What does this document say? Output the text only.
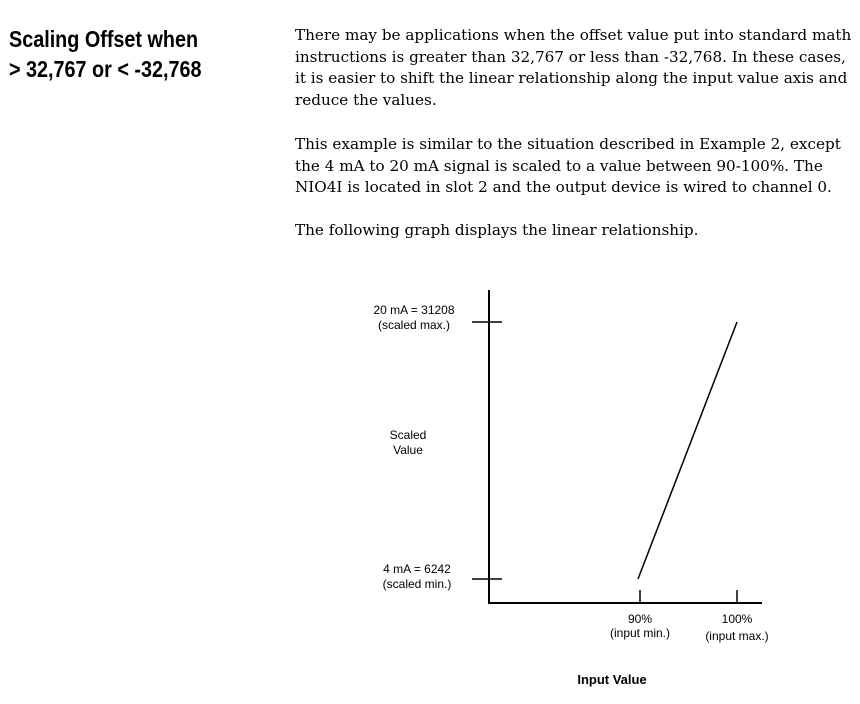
Scaling Offset when
> 32,767 or < -32,768

There may be applications when the offset value put into standard math instructions is greater than 32,767 or less than -32,768. In these cases, it is easier to shift the linear relationship along the input value axis and reduce the values.

This example is similar to the situation described in Example 2, except the 4 mA to 20 mA signal is scaled to a value between 90-100%. The NIO4I is located in slot 2 and the output device is wired to channel 0.

The following graph displays the linear relationship.

20 mA = 31208
(scaled max.)
4 mA = 6242
(scaled min.)
Scaled
Value
90%
(input min.)
100%
(input max.)
Input Value
